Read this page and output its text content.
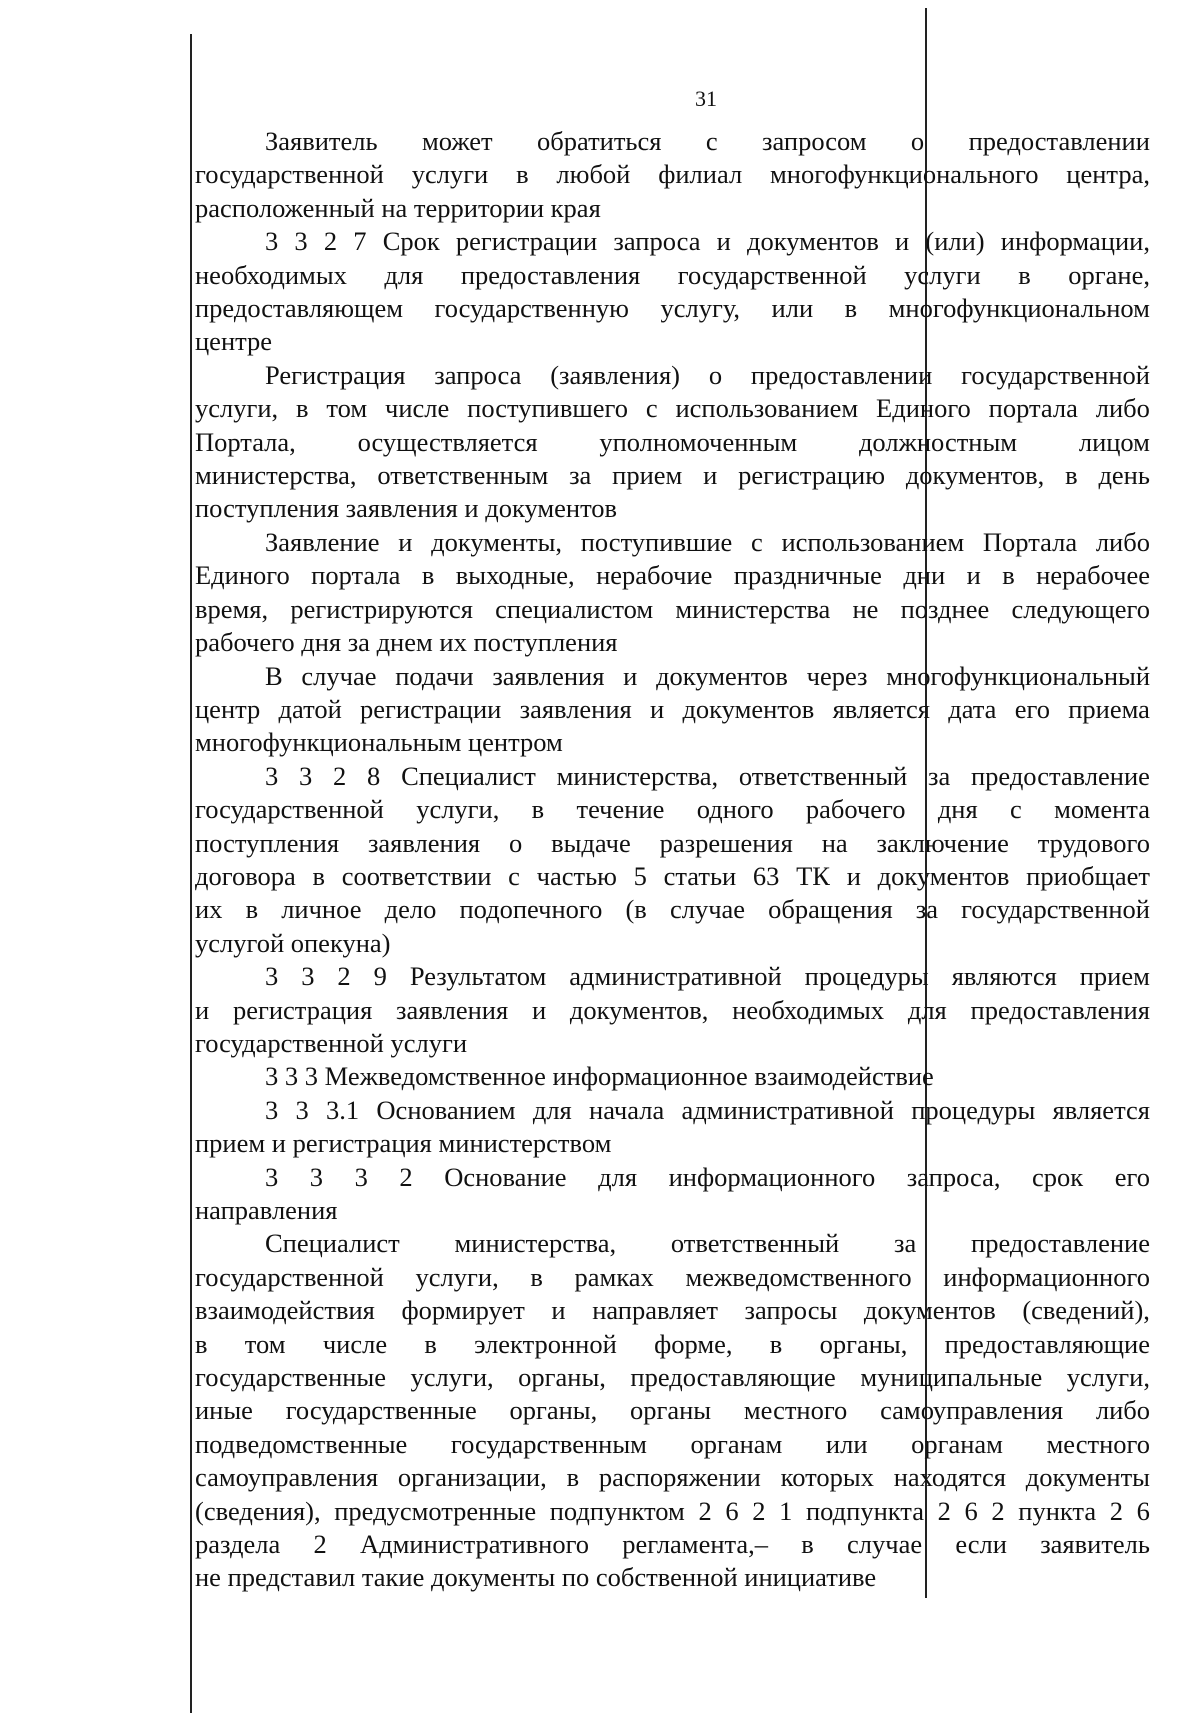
31
Заявитель может обратиться с запросом о предоставлении
государственной услуги в любой филиал многофункционального центра,
расположенный на территории края
3 3 2 7 Срок регистрации запроса и документов и (или) информации,
необходимых для предоставления государственной услуги в органе,
предоставляющем государственную услугу, или в многофункциональном
центре
Регистрация запроса (заявления) о предоставлении государственной
услуги, в том числе поступившего с использованием Единого портала либо
Портала, осуществляется уполномоченным должностным лицом
министерства, ответственным за прием и регистрацию документов, в день
поступления заявления и документов
Заявление и документы, поступившие с использованием Портала либо
Единого портала в выходные, нерабочие праздничные дни и в нерабочее
время, регистрируются специалистом министерства не позднее следующего
рабочего дня за днем их поступления
В случае подачи заявления и документов через многофункциональный
центр датой регистрации заявления и документов является дата его приема
многофункциональным центром
3 3 2 8 Специалист министерства, ответственный за предоставление
государственной услуги, в течение одного рабочего дня с момента
поступления заявления о выдаче разрешения на заключение трудового
договора в соответствии с частью 5 статьи 63 ТК и документов приобщает
их в личное дело подопечного (в случае обращения за государственной
услугой опекуна)
3 3 2 9 Результатом административной процедуры являются прием
и регистрация заявления и документов, необходимых для предоставления
государственной услуги
3 3 3 Межведомственное информационное взаимодействие
3 3 3.1 Основанием для начала административной процедуры является
прием и регистрация министерством
3 3 3 2 Основание для информационного запроса, срок его
направления
Специалист министерства, ответственный за предоставление
государственной услуги, в рамках межведомственного информационного
взаимодействия формирует и направляет запросы документов (сведений),
в том числе в электронной форме, в органы, предоставляющие
государственные услуги, органы, предоставляющие муниципальные услуги,
иные государственные органы, органы местного самоуправления либо
подведомственные государственным органам или органам местного
самоуправления организации, в распоряжении которых находятся документы
(сведения), предусмотренные подпунктом 2 6 2 1 подпункта 2 6 2 пункта 2 6
раздела 2 Административного регламента,– в случае если заявитель
не представил такие документы по собственной инициативе
